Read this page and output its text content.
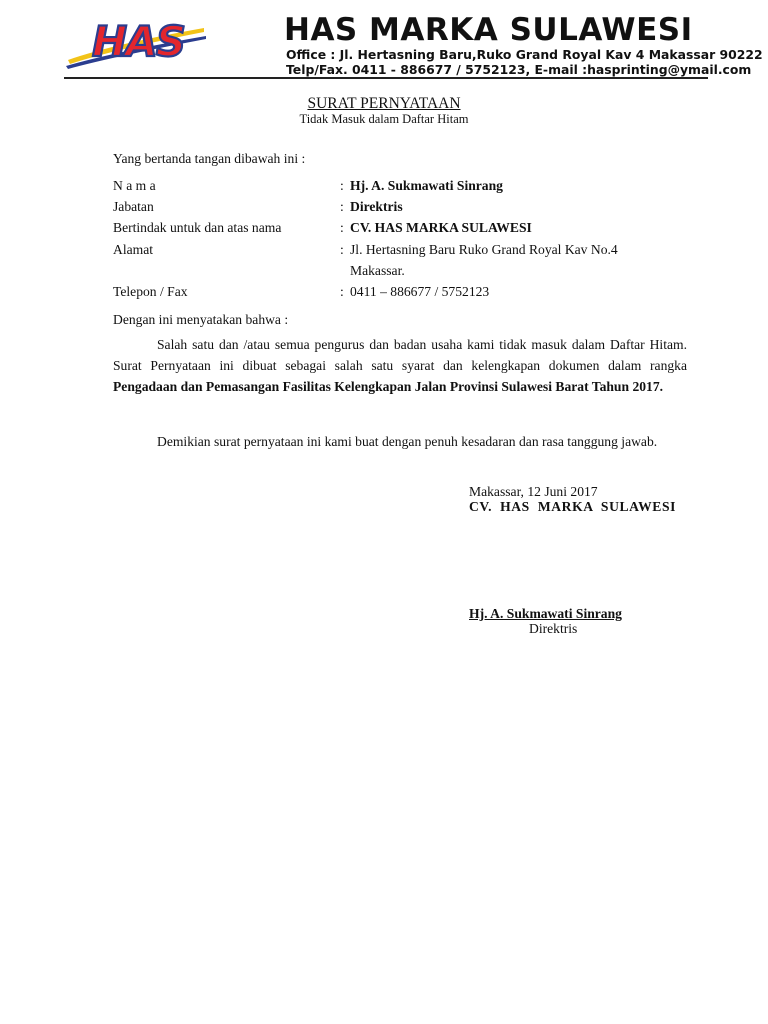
HAS	HAS MARKA SULAWESI
Office : Jl. Hertasning Baru,Ruko Grand Royal Kav 4 Makassar 90222
Telp/Fax. 0411 - 886677 / 5752123, E-mail :hasprinting@ymail.com
SURAT PERNYATAAN
Tidak Masuk dalam Daftar Hitam
Yang bertanda tangan dibawah ini :
N a m a	: Hj. A. Sukmawati Sinrang
Jabatan	: Direktris
Bertindak untuk dan atas nama	: CV. HAS MARKA SULAWESI
Alamat	: Jl. Hertasning Baru Ruko Grand Royal Kav No.4
Makassar.
Telepon / Fax	: 0411 – 886677 / 5752123
Dengan ini menyatakan bahwa :
Salah satu dan /atau semua pengurus dan badan usaha kami tidak masuk dalam Daftar Hitam. Surat Pernyataan ini dibuat sebagai salah satu syarat dan kelengkapan dokumen dalam rangka Pengadaan dan Pemasangan Fasilitas Kelengkapan Jalan Provinsi Sulawesi Barat Tahun 2017.
Demikian surat pernyataan ini kami buat dengan penuh kesadaran dan rasa tanggung jawab.
Makassar, 12 Juni 2017
CV.  HAS  MARKA  SULAWESI
Hj. A. Sukmawati Sinrang
Direktris
